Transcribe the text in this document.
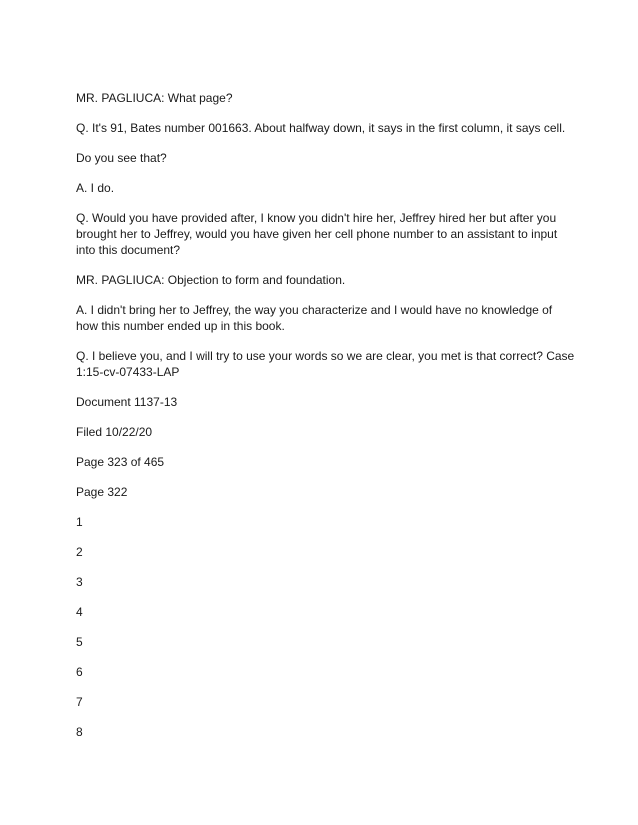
MR. PAGLIUCA: What page?

Q. It's 91, Bates number 001663. About halfway down, it says in the first column, it says cell.

Do you see that?

A. I do.

Q. Would you have provided after, I know you didn't hire her, Jeffrey hired her but after you brought her to Jeffrey, would you have given her cell phone number to an assistant to input into this document?

MR. PAGLIUCA: Objection to form and foundation.

A. I didn't bring her to Jeffrey, the way you characterize and I would have no knowledge of how this number ended up in this book.

Q. I believe you, and I will try to use your words so we are clear, you met is that correct? Case 1:15-cv-07433-LAP

Document 1137-13

Filed 10/22/20

Page 323 of 465

Page 322

1
2
3
4
5
6
7
8
